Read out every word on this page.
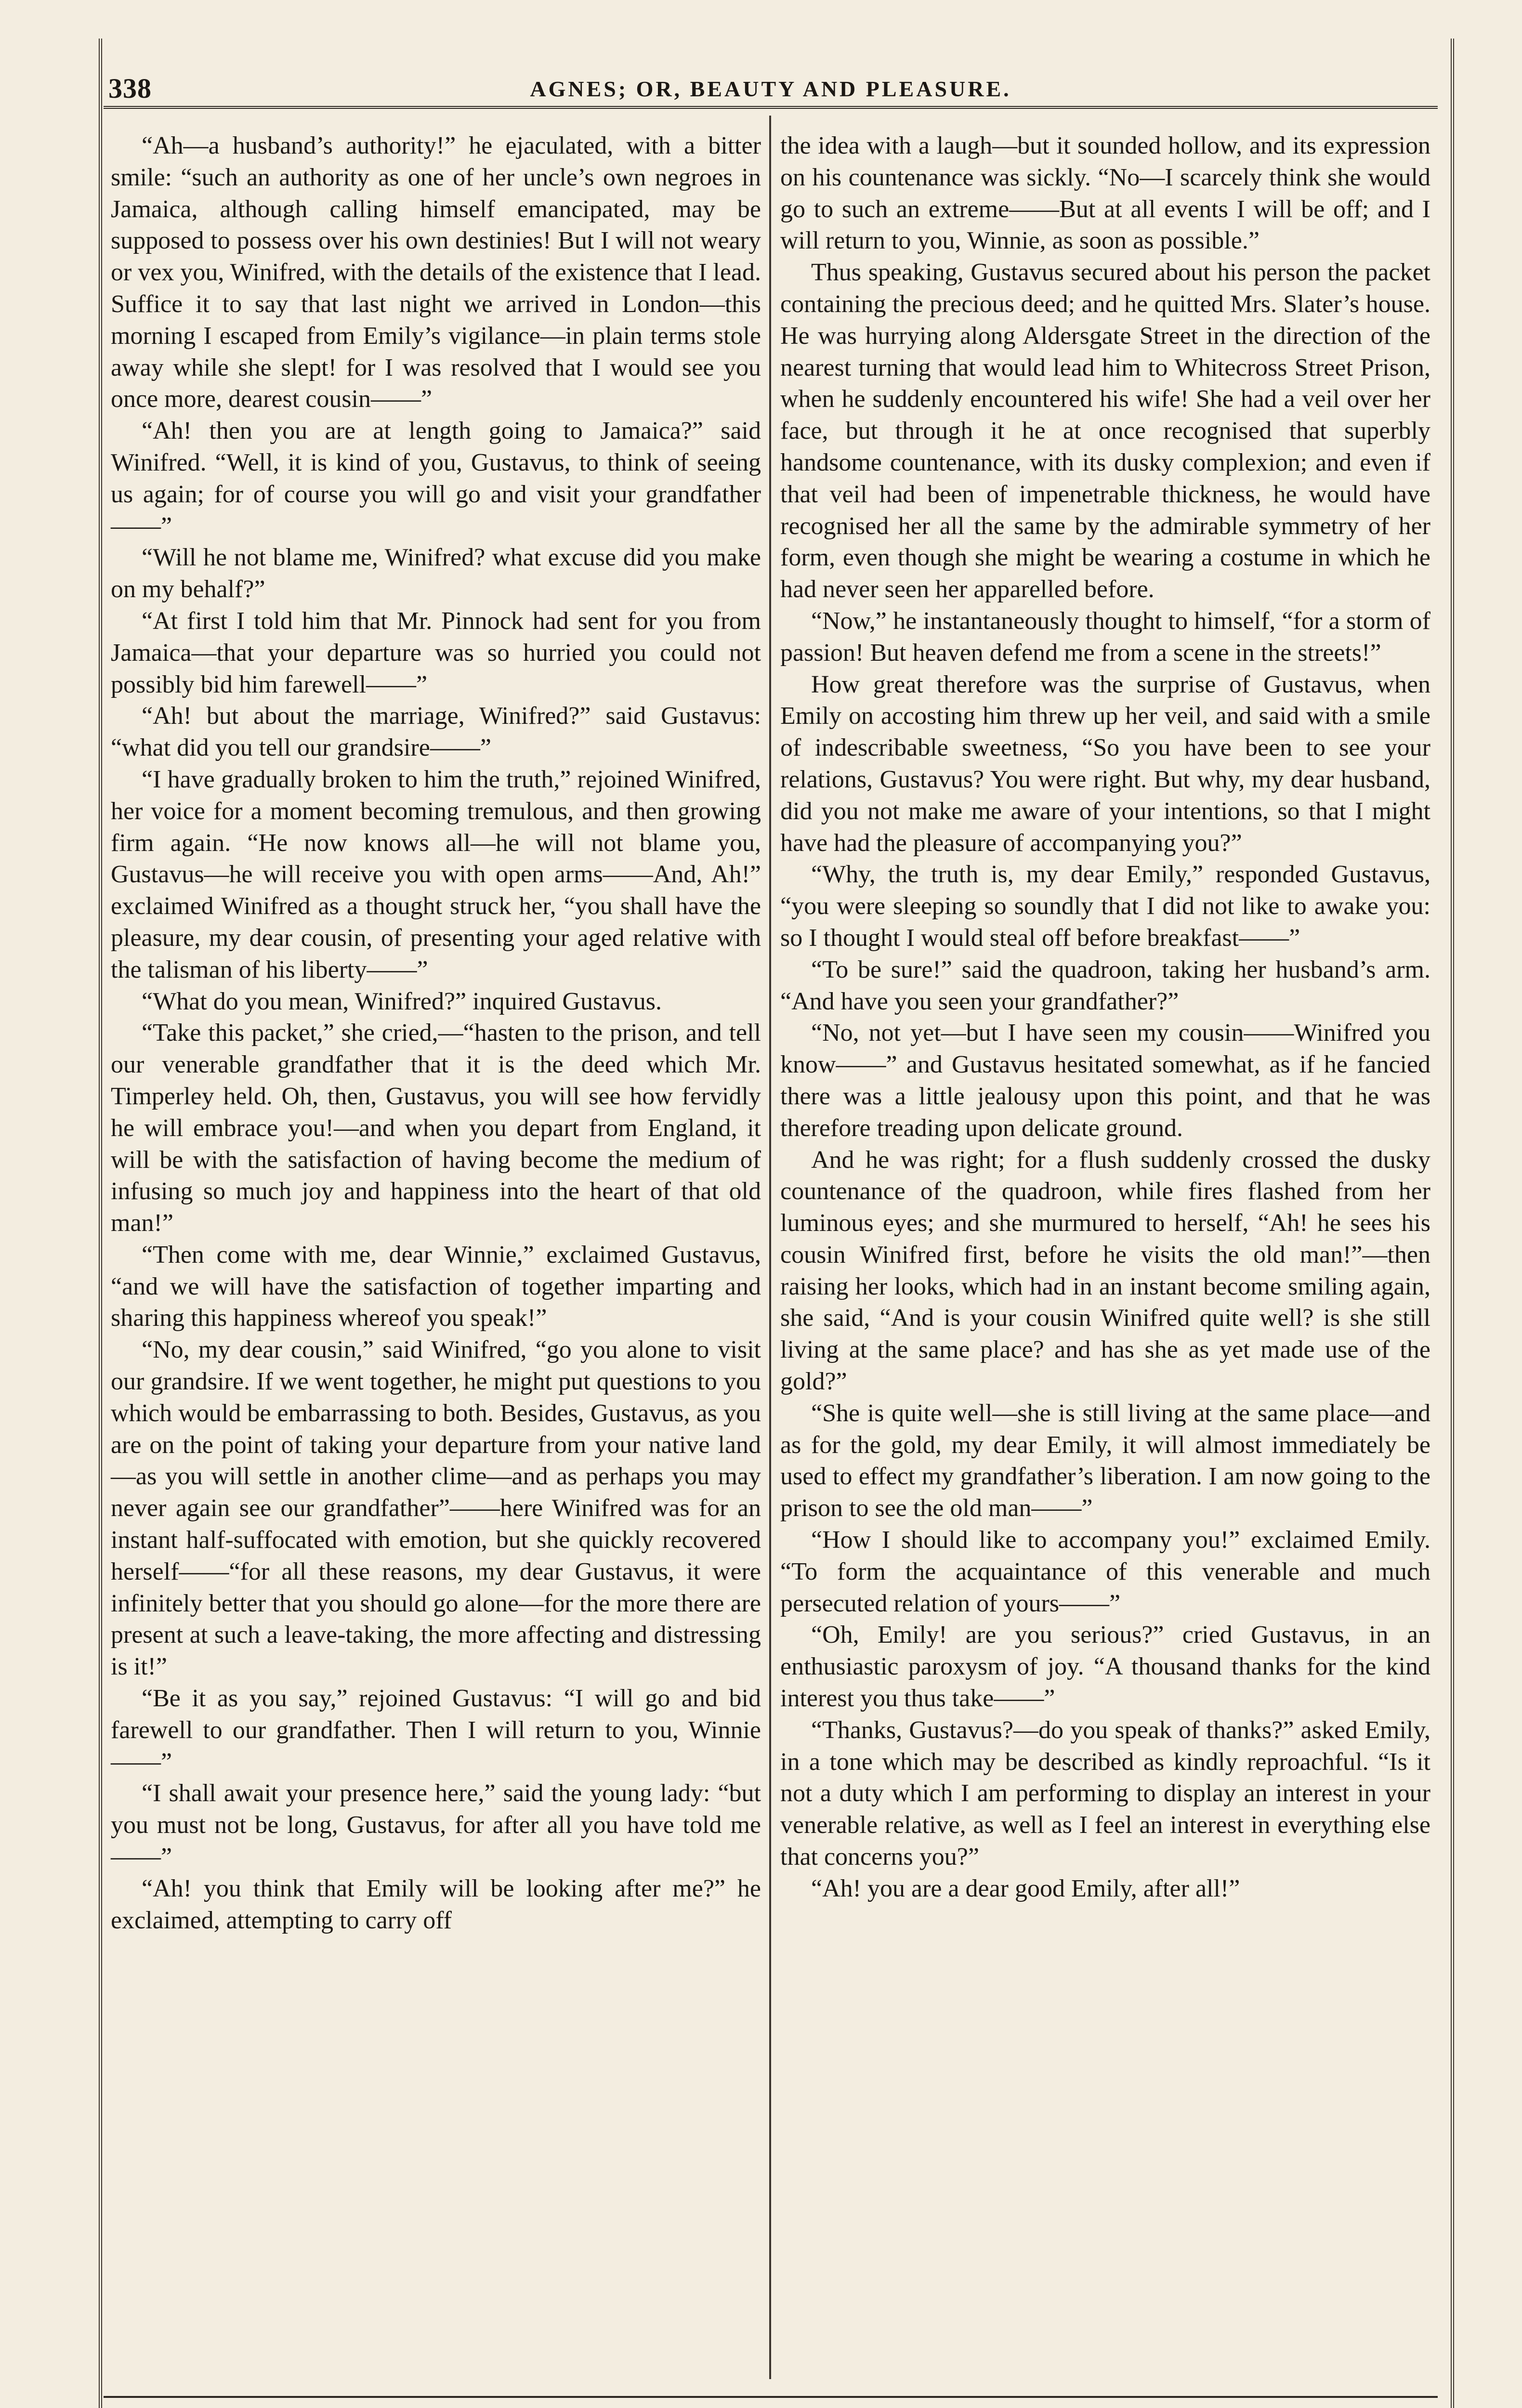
338	AGNES; OR, BEAUTY AND PLEASURE.

“Ah—a husband’s authority!” he ejaculated, with a bitter smile: “such an authority as one of her uncle’s own negroes in Jamaica, although calling himself emancipated, may be supposed to possess over his own destinies! But I will not weary or vex you, Winifred, with the details of the existence that I lead. Suffice it to say that last night we arrived in London—this morning I escaped from Emily’s vigilance—in plain terms stole away while she slept! for I was resolved that I would see you once more, dearest cousin——”

“Ah! then you are at length going to Jamaica?” said Winifred. “Well, it is kind of you, Gustavus, to think of seeing us again; for of course you will go and visit your grandfather——”

“Will he not blame me, Winifred? what excuse did you make on my behalf?”

“At first I told him that Mr. Pinnock had sent for you from Jamaica—that your departure was so hurried you could not possibly bid him farewell——”

“Ah! but about the marriage, Winifred?” said Gustavus: “what did you tell our grandsire——”

“I have gradually broken to him the truth,” rejoined Winifred, her voice for a moment becoming tremulous, and then growing firm again. “He now knows all—he will not blame you, Gustavus—he will receive you with open arms——And, Ah!” exclaimed Winifred as a thought struck her, “you shall have the pleasure, my dear cousin, of presenting your aged relative with the talisman of his liberty——”

“What do you mean, Winifred?” inquired Gustavus.

“Take this packet,” she cried,—“hasten to the prison, and tell our venerable grandfather that it is the deed which Mr. Timperley held. Oh, then, Gustavus, you will see how fervidly he will embrace you!—and when you depart from England, it will be with the satisfaction of having become the medium of infusing so much joy and happiness into the heart of that old man!”

“Then come with me, dear Winnie,” exclaimed Gustavus, “and we will have the satisfaction of together imparting and sharing this happiness whereof you speak!”

“No, my dear cousin,” said Winifred, “go you alone to visit our grandsire. If we went together, he might put questions to you which would be embarrassing to both. Besides, Gustavus, as you are on the point of taking your departure from your native land—as you will settle in another clime—and as perhaps you may never again see our grandfather”——here Winifred was for an instant half-suffocated with emotion, but she quickly recovered herself——“for all these reasons, my dear Gustavus, it were infinitely better that you should go alone—for the more there are present at such a leave-taking, the more affecting and distressing is it!”

“Be it as you say,” rejoined Gustavus: “I will go and bid farewell to our grandfather. Then I will return to you, Winnie——”

“I shall await your presence here,” said the young lady: “but you must not be long, Gustavus, for after all you have told me——”

“Ah! you think that Emily will be looking after me?” he exclaimed, attempting to carry off

the idea with a laugh—but it sounded hollow, and its expression on his countenance was sickly. “No—I scarcely think she would go to such an extreme——But at all events I will be off; and I will return to you, Winnie, as soon as possible.”

Thus speaking, Gustavus secured about his person the packet containing the precious deed; and he quitted Mrs. Slater’s house. He was hurrying along Aldersgate Street in the direction of the nearest turning that would lead him to Whitecross Street Prison, when he suddenly encountered his wife! She had a veil over her face, but through it he at once recognised that superbly handsome countenance, with its dusky complexion; and even if that veil had been of impenetrable thickness, he would have recognised her all the same by the admirable symmetry of her form, even though she might be wearing a costume in which he had never seen her apparelled before.

“Now,” he instantaneously thought to himself, “for a storm of passion! But heaven defend me from a scene in the streets!”

How great therefore was the surprise of Gustavus, when Emily on accosting him threw up her veil, and said with a smile of indescribable sweetness, “So you have been to see your relations, Gustavus? You were right. But why, my dear husband, did you not make me aware of your intentions, so that I might have had the pleasure of accompanying you?”

“Why, the truth is, my dear Emily,” responded Gustavus, “you were sleeping so soundly that I did not like to awake you: so I thought I would steal off before breakfast——”

“To be sure!” said the quadroon, taking her husband’s arm. “And have you seen your grandfather?”

“No, not yet—but I have seen my cousin——Winifred you know——” and Gustavus hesitated somewhat, as if he fancied there was a little jealousy upon this point, and that he was therefore treading upon delicate ground.

And he was right; for a flush suddenly crossed the dusky countenance of the quadroon, while fires flashed from her luminous eyes; and she murmured to herself, “Ah! he sees his cousin Winifred first, before he visits the old man!”—then raising her looks, which had in an instant become smiling again, she said, “And is your cousin Winifred quite well? is she still living at the same place? and has she as yet made use of the gold?”

“She is quite well—she is still living at the same place—and as for the gold, my dear Emily, it will almost immediately be used to effect my grandfather’s liberation. I am now going to the prison to see the old man——”

“How I should like to accompany you!” exclaimed Emily. “To form the acquaintance of this venerable and much persecuted relation of yours——”

“Oh, Emily! are you serious?” cried Gustavus, in an enthusiastic paroxysm of joy. “A thousand thanks for the kind interest you thus take——”

“Thanks, Gustavus?—do you speak of thanks?” asked Emily, in a tone which may be described as kindly reproachful. “Is it not a duty which I am performing to display an interest in your venerable relative, as well as I feel an interest in everything else that concerns you?”

“Ah! you are a dear good Emily, after all!”
